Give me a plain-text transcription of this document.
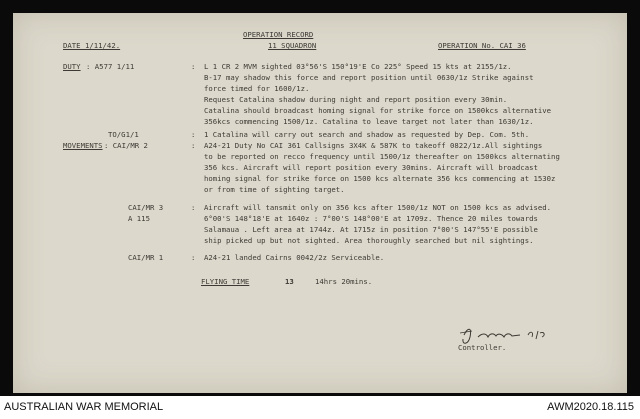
OPERATION RECORD
11 SQUADRON
DATE 1/11/42.	OPERATION No. CAI 36
DUTY : A577 1/11	: L 1 CR 2 MVM sighted 03°56'S 150°19'E Co 225° Speed 15 kts at 2155/1z.
B-17 may shadow this force and report position until 0630/1z Strike against
force timed for 1600/1z.
Request Catalina shadow during night and report position every 30min.
Catalina should broadcast homing signal for strike force on 1500kcs alternative
356kcs commencing 1500/1z. Catalina to leave target not later than 1630/1z.
TO/G1/1	: 1 Catalina will carry out search and shadow as requested by Dep. Com. 5th.
MOVEMENTS : CAI/MR 2	: A24-21 Duty No CAI 361 Callsigns 3X4K & 587K to takeoff 0822/1z.All sightings
to be reported on recco frequency until 1500/1z thereafter on 1500kcs alternating
356 kcs. Aircraft will report position every 30mins. Aircraft will broadcast
homing signal for strike force on 1500 kcs alternate 356 kcs commencing at 1530z
or from time of sighting target.
CAI/MR 3	: Aircraft will tansmit only on 356 kcs after 1500/1z NOT on 1500 kcs as advised.
A 115	6°00'S 148°18'E at 1640z : 7°00'S 148°00'E at 1709z. Thence 20 miles towards
Salamaua . Left area at 1744z. At 1715z in position 7°00'S 147°55'E possible
ship picked up but not sighted. Area thoroughly searched but nil sightings.
CAI/MR 1	: A24-21 landed Cairns 0042/2z Serviceable.
FLYING TIME	13	14hrs 20mins.
Controller.
AUSTRALIAN WAR MEMORIAL	AWM2020.18.115
